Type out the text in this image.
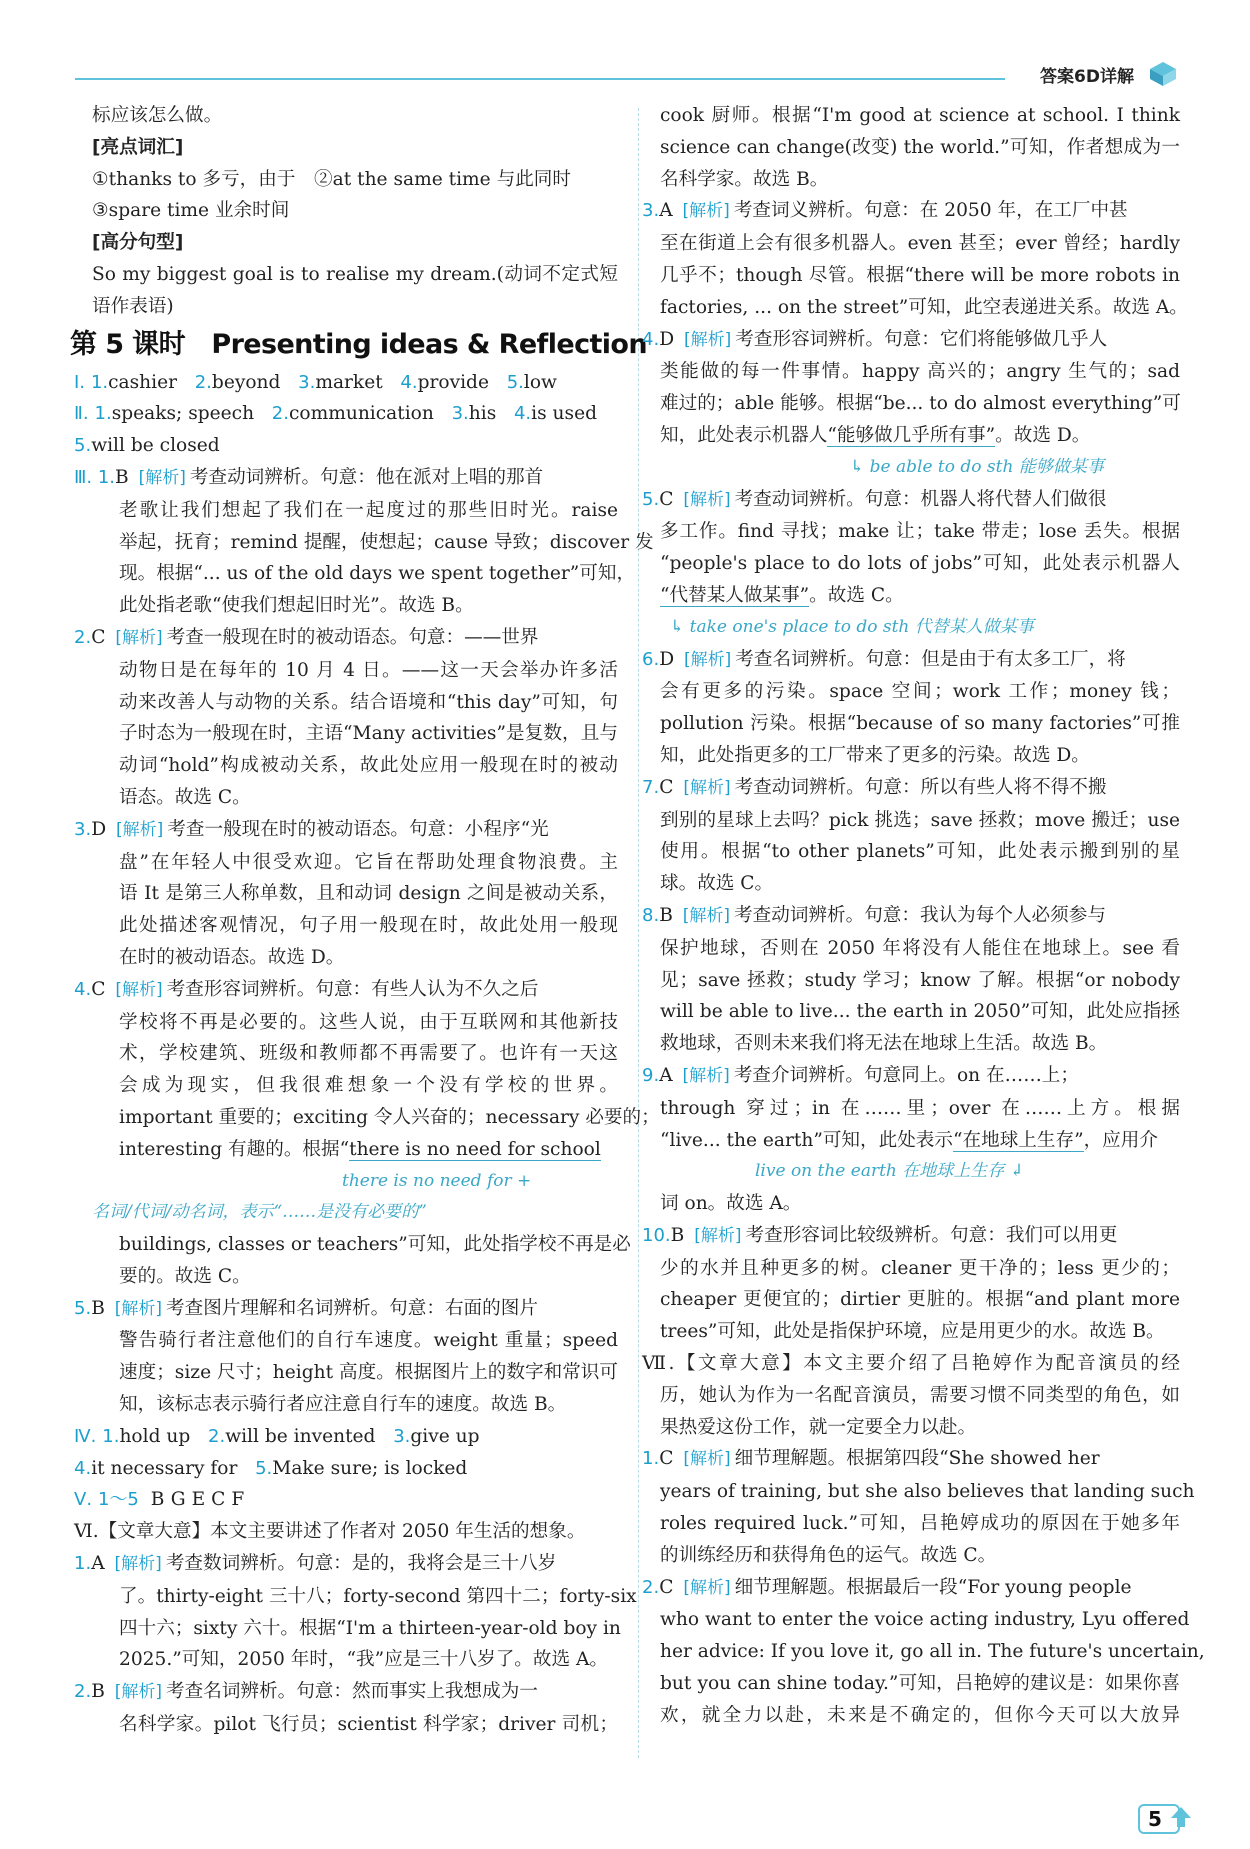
答案6D详解
标应该怎么做。
[亮点词汇]
①thanks to 多亏，由于　②at the same time 与此同时
③spare time 业余时间
[高分句型]
So my biggest goal is to realise my dream.(动词不定式短
语作表语)
第 5 课时　Presenting ideas & Reflection
Ⅰ. 1.cashier 2.beyond 3.market 4.provide 5.low
Ⅱ. 1.speaks; speech 2.communication 3.his 4.is used
5.will be closed
Ⅲ. 1.B [解析] 考查动词辨析。句意：他在派对上唱的那首
老歌让我们想起了我们在一起度过的那些旧时光。raise
举起，抚育；remind 提醒，使想起；cause 导致；discover 发
现。根据“... us of the old days we spent together”可知，
此处指老歌“使我们想起旧时光”。故选 B。
2.C [解析] 考查一般现在时的被动语态。句意：——世界
动物日是在每年的 10 月 4 日。——这一天会举办许多活
动来改善人与动物的关系。结合语境和“this day”可知，句
子时态为一般现在时，主语“Many activities”是复数，且与
动词“hold”构成被动关系，故此处应用一般现在时的被动
语态。故选 C。
3.D [解析] 考查一般现在时的被动语态。句意：小程序“光
盘”在年轻人中很受欢迎。它旨在帮助处理食物浪费。主
语 It 是第三人称单数，且和动词 design 之间是被动关系，
此处描述客观情况，句子用一般现在时，故此处用一般现
在时的被动语态。故选 D。
4.C [解析] 考查形容词辨析。句意：有些人认为不久之后
学校将不再是必要的。这些人说，由于互联网和其他新技
术，学校建筑、班级和教师都不再需要了。也许有一天这
会成为现实，但我很难想象一个没有学校的世界。
important 重要的；exciting 令人兴奋的；necessary 必要的；
interesting 有趣的。根据“there is no need for school
there is no need for +
名词/代词/动名词，表示“……是没有必要的”
buildings, classes or teachers”可知，此处指学校不再是必
要的。故选 C。
5.B [解析] 考查图片理解和名词辨析。句意：右面的图片
警告骑行者注意他们的自行车速度。weight 重量；speed
速度；size 尺寸；height 高度。根据图片上的数字和常识可
知，该标志表示骑行者应注意自行车的速度。故选 B。
Ⅳ. 1.hold up 2.will be invented 3.give up
4.it necessary for 5.Make sure; is locked
Ⅴ. 1～5 BGECF
Ⅵ.【文章大意】本文主要讲述了作者对 2050 年生活的想象。
1.A [解析] 考查数词辨析。句意：是的，我将会是三十八岁
了。thirty-eight 三十八；forty-second 第四十二；forty-six
四十六；sixty 六十。根据“I'm a thirteen-year-old boy in
2025.”可知，2050 年时，“我”应是三十八岁了。故选 A。
2.B [解析] 考查名词辨析。句意：然而事实上我想成为一
名科学家。pilot 飞行员；scientist 科学家；driver 司机；
cook 厨师。根据“I'm good at science at school. I think
science can change(改变) the world.”可知，作者想成为一
名科学家。故选 B。
3.A [解析] 考查词义辨析。句意：在 2050 年，在工厂中甚
至在街道上会有很多机器人。even 甚至；ever 曾经；hardly
几乎不；though 尽管。根据“there will be more robots in
factories, ... on the street”可知，此空表递进关系。故选 A。
4.D [解析] 考查形容词辨析。句意：它们将能够做几乎人
类能做的每一件事情。happy 高兴的；angry 生气的；sad
难过的；able 能够。根据“be... to do almost everything”可
知，此处表示机器人“能够做几乎所有事”。故选 D。
↳ be able to do sth 能够做某事
5.C [解析] 考查动词辨析。句意：机器人将代替人们做很
多工作。find 寻找；make 让；take 带走；lose 丢失。根据
“people's place to do lots of jobs”可知，此处表示机器人
“代替某人做某事”。故选 C。
↳ take one's place to do sth 代替某人做某事
6.D [解析] 考查名词辨析。句意：但是由于有太多工厂，将
会有更多的污染。space 空间；work 工作；money 钱；
pollution 污染。根据“because of so many factories”可推
知，此处指更多的工厂带来了更多的污染。故选 D。
7.C [解析] 考查动词辨析。句意：所以有些人将不得不搬
到别的星球上去吗？pick 挑选；save 拯救；move 搬迁；use
使用。根据“to other planets”可知，此处表示搬到别的星
球。故选 C。
8.B [解析] 考查动词辨析。句意：我认为每个人必须参与
保护地球，否则在 2050 年将没有人能住在地球上。see 看
见；save 拯救；study 学习；know 了解。根据“or nobody
will be able to live... the earth in 2050”可知，此处应指拯
救地球，否则未来我们将无法在地球上生活。故选 B。
9.A [解析] 考查介词辨析。句意同上。on 在……上；
through 穿过；in 在……里；over 在……上方。根据
“live... the earth”可知，此处表示“在地球上生存”，应用介
live on the earth 在地球上生存 ↲
词 on。故选 A。
10.B [解析] 考查形容词比较级辨析。句意：我们可以用更
少的水并且种更多的树。cleaner 更干净的；less 更少的；
cheaper 更便宜的；dirtier 更脏的。根据“and plant more
trees”可知，此处是指保护环境，应是用更少的水。故选 B。
Ⅶ.【文章大意】本文主要介绍了吕艳婷作为配音演员的经
历，她认为作为一名配音演员，需要习惯不同类型的角色，如
果热爱这份工作，就一定要全力以赴。
1.C [解析] 细节理解题。根据第四段“She showed her
years of training, but she also believes that landing such
roles required luck.”可知，吕艳婷成功的原因在于她多年
的训练经历和获得角色的运气。故选 C。
2.C [解析] 细节理解题。根据最后一段“For young people
who want to enter the voice acting industry, Lyu offered
her advice: If you love it, go all in. The future's uncertain,
but you can shine today.”可知，吕艳婷的建议是：如果你喜
欢，就全力以赴，未来是不确定的，但你今天可以大放异
5
